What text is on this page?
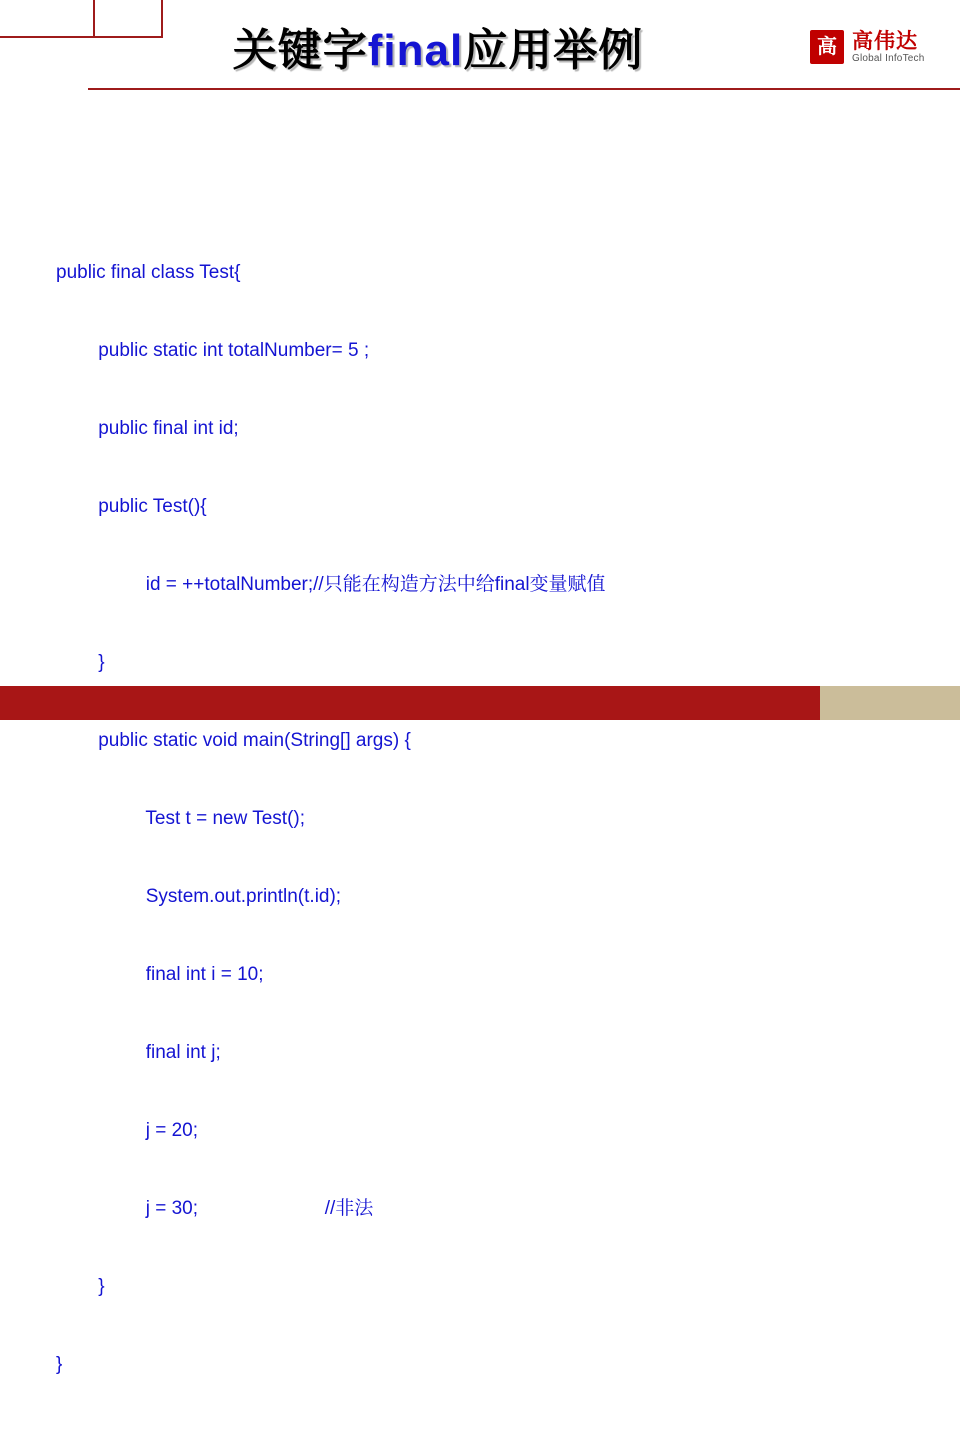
关键字final应用举例	高 高伟达
Global InfoTech

public final class Test{

public static int totalNumber= 5 ;

public final int id;

public Test(){

id = ++totalNumber;//只能在构造方法中给final变量赋值

}

public static void main(String[] args) {

Test t = new Test();

System.out.println(t.id);

final int i = 10;

final int j;

j = 20;

j = 30;                        //非法

}

}
